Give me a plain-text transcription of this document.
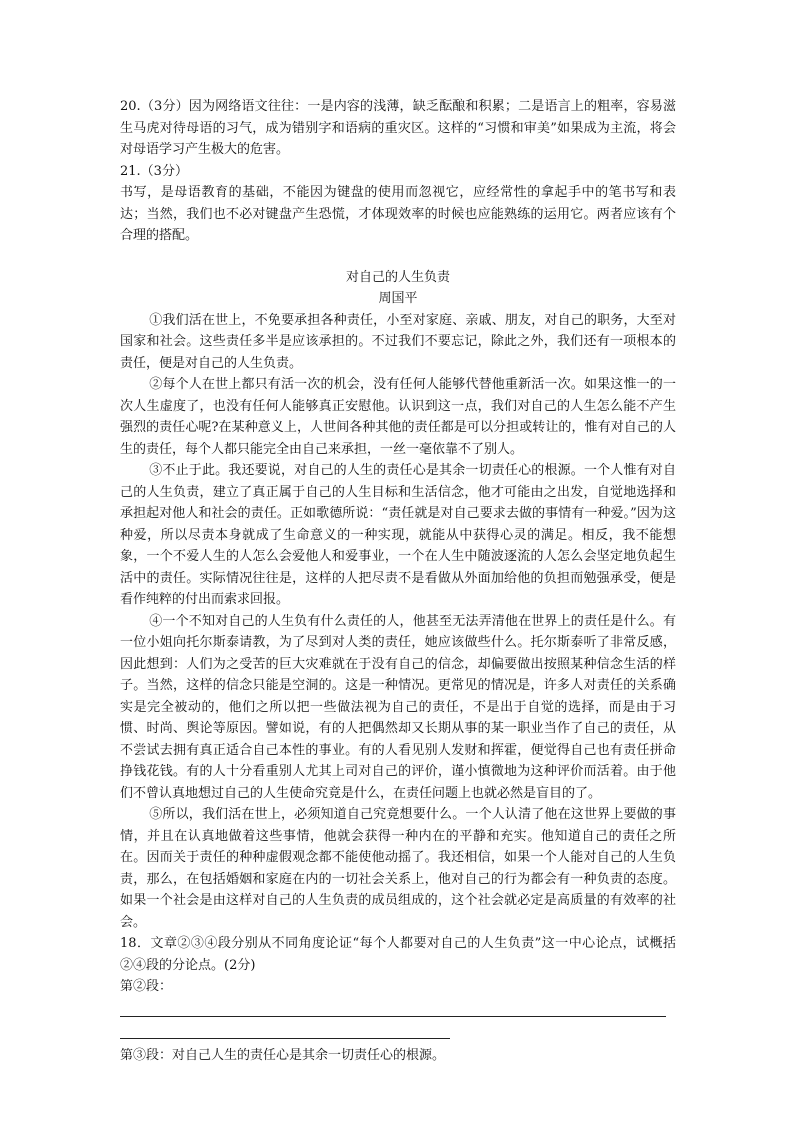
20.（3分）因为网络语文往往：一是内容的浅薄，缺乏酝酿和积累；二是语言上的粗率，容易滋生马虎对待母语的习气，成为错别字和语病的重灾区。这样的“习惯和审美”如果成为主流，将会对母语学习产生极大的危害。

21.（3分）

书写，是母语教育的基础，不能因为键盘的使用而忽视它，应经常性的拿起手中的笔书写和表达；当然，我们也不必对键盘产生恐慌，才体现效率的时候也应能熟练的运用它。两者应该有个合理的搭配。

对自己的人生负责

周国平

①我们活在世上，不免要承担各种责任，小至对家庭、亲戚、朋友，对自己的职务，大至对国家和社会。这些责任多半是应该承担的。不过我们不要忘记，除此之外，我们还有一项根本的责任，便是对自己的人生负责。

②每个人在世上都只有活一次的机会，没有任何人能够代替他重新活一次。如果这惟一的一次人生虚度了，也没有任何人能够真正安慰他。认识到这一点，我们对自己的人生怎么能不产生强烈的责任心呢?在某种意义上，人世间各种其他的责任都是可以分担或转让的，惟有对自己的人生的责任，每个人都只能完全由自己来承担，一丝一毫依靠不了别人。

③不止于此。我还要说，对自己的人生的责任心是其余一切责任心的根源。一个人惟有对自己的人生负责，建立了真正属于自己的人生目标和生活信念，他才可能由之出发，自觉地选择和承担起对他人和社会的责任。正如歌德所说：“责任就是对自己要求去做的事情有一种爱。”因为这种爱，所以尽责本身就成了生命意义的一种实现，就能从中获得心灵的满足。相反，我不能想象，一个不爱人生的人怎么会爱他人和爱事业，一个在人生中随波逐流的人怎么会坚定地负起生活中的责任。实际情况往往是，这样的人把尽责不是看做从外面加给他的负担而勉强承受，便是看作纯粹的付出而索求回报。

④一个不知对自己的人生负有什么责任的人，他甚至无法弄清他在世界上的责任是什么。有一位小姐向托尔斯泰请教，为了尽到对人类的责任，她应该做些什么。托尔斯泰听了非常反感，因此想到：人们为之受苦的巨大灾难就在于没有自己的信念，却偏要做出按照某种信念生活的样子。当然，这样的信念只能是空洞的。这是一种情况。更常见的情况是，许多人对责任的关系确实是完全被动的，他们之所以把一些做法视为自己的责任，不是出于自觉的选择，而是由于习惯、时尚、舆论等原因。譬如说，有的人把偶然却又长期从事的某一职业当作了自己的责任，从不尝试去拥有真正适合自己本性的事业。有的人看见别人发财和挥霍，便觉得自己也有责任拼命挣钱花钱。有的人十分看重别人尤其上司对自己的评价，谨小慎微地为这种评价而活着。由于他们不曾认真地想过自己的人生使命究竟是什么，在责任问题上也就必然是盲目的了。

⑤所以，我们活在世上，必须知道自己究竟想要什么。一个人认清了他在这世界上要做的事情，并且在认真地做着这些事情，他就会获得一种内在的平静和充实。他知道自己的责任之所在。因而关于责任的种种虚假观念都不能使他动摇了。我还相信，如果一个人能对自己的人生负责，那么，在包括婚姻和家庭在内的一切社会关系上，他对自己的行为都会有一种负责的态度。如果一个社会是由这样对自己的人生负责的成员组成的，这个社会就必定是高质量的有效率的社会。

18．文章②③④段分别从不同角度论证“每个人都要对自己的人生负责”这一中心论点，试概括②④段的分论点。(2分)

第②段：

第③段：对自己人生的责任心是其余一切责任心的根源。
